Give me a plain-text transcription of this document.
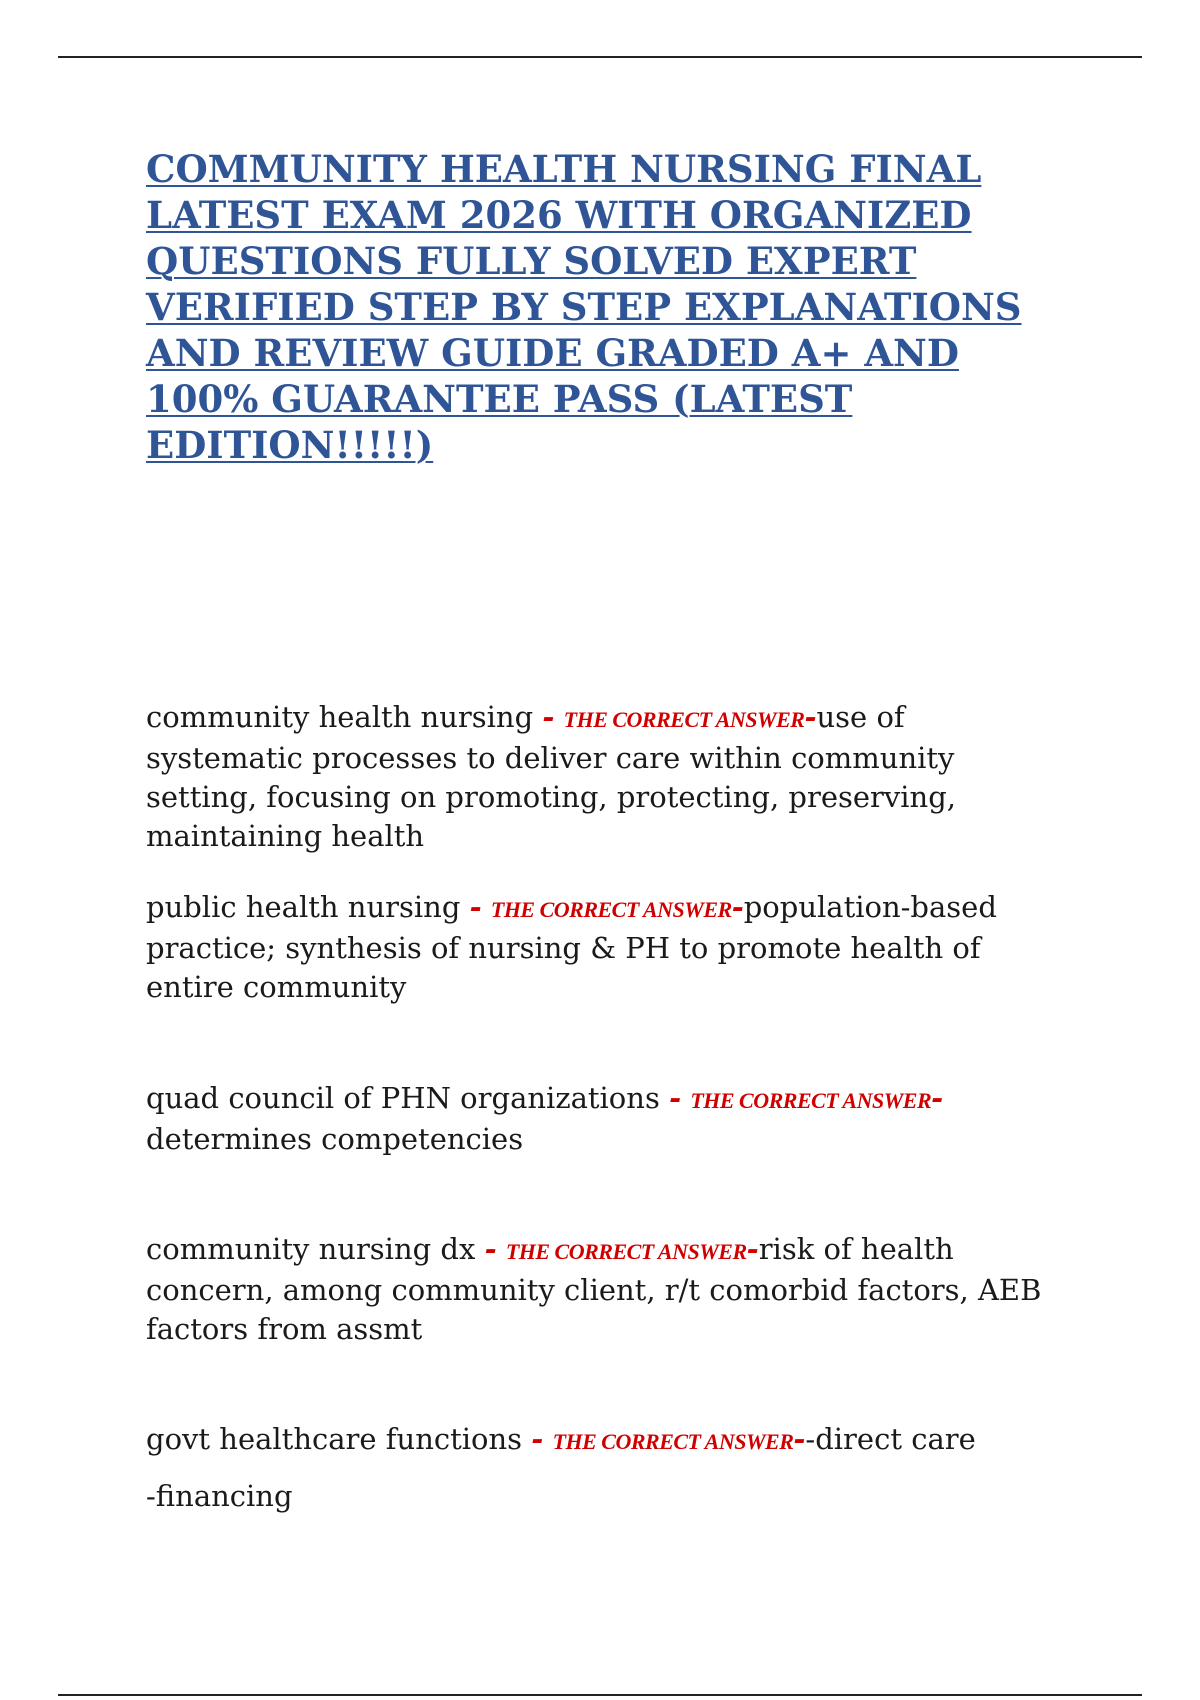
COMMUNITY HEALTH NURSING FINAL LATEST EXAM 2026 WITH ORGANIZED QUESTIONS FULLY SOLVED EXPERT VERIFIED STEP BY STEP EXPLANATIONS AND REVIEW GUIDE GRADED A+ AND 100% GUARANTEE PASS (LATEST EDITION!!!!!)

community health nursing - THE CORRECT ANSWER-use of systematic processes to deliver care within community setting, focusing on promoting, protecting, preserving, maintaining health

public health nursing - THE CORRECT ANSWER-population-based practice; synthesis of nursing & PH to promote health of entire community

quad council of PHN organizations - THE CORRECT ANSWER-determines competencies

community nursing dx - THE CORRECT ANSWER-risk of health concern, among community client, r/t comorbid factors, AEB factors from assmt

govt healthcare functions - THE CORRECT ANSWER--direct care
-financing
